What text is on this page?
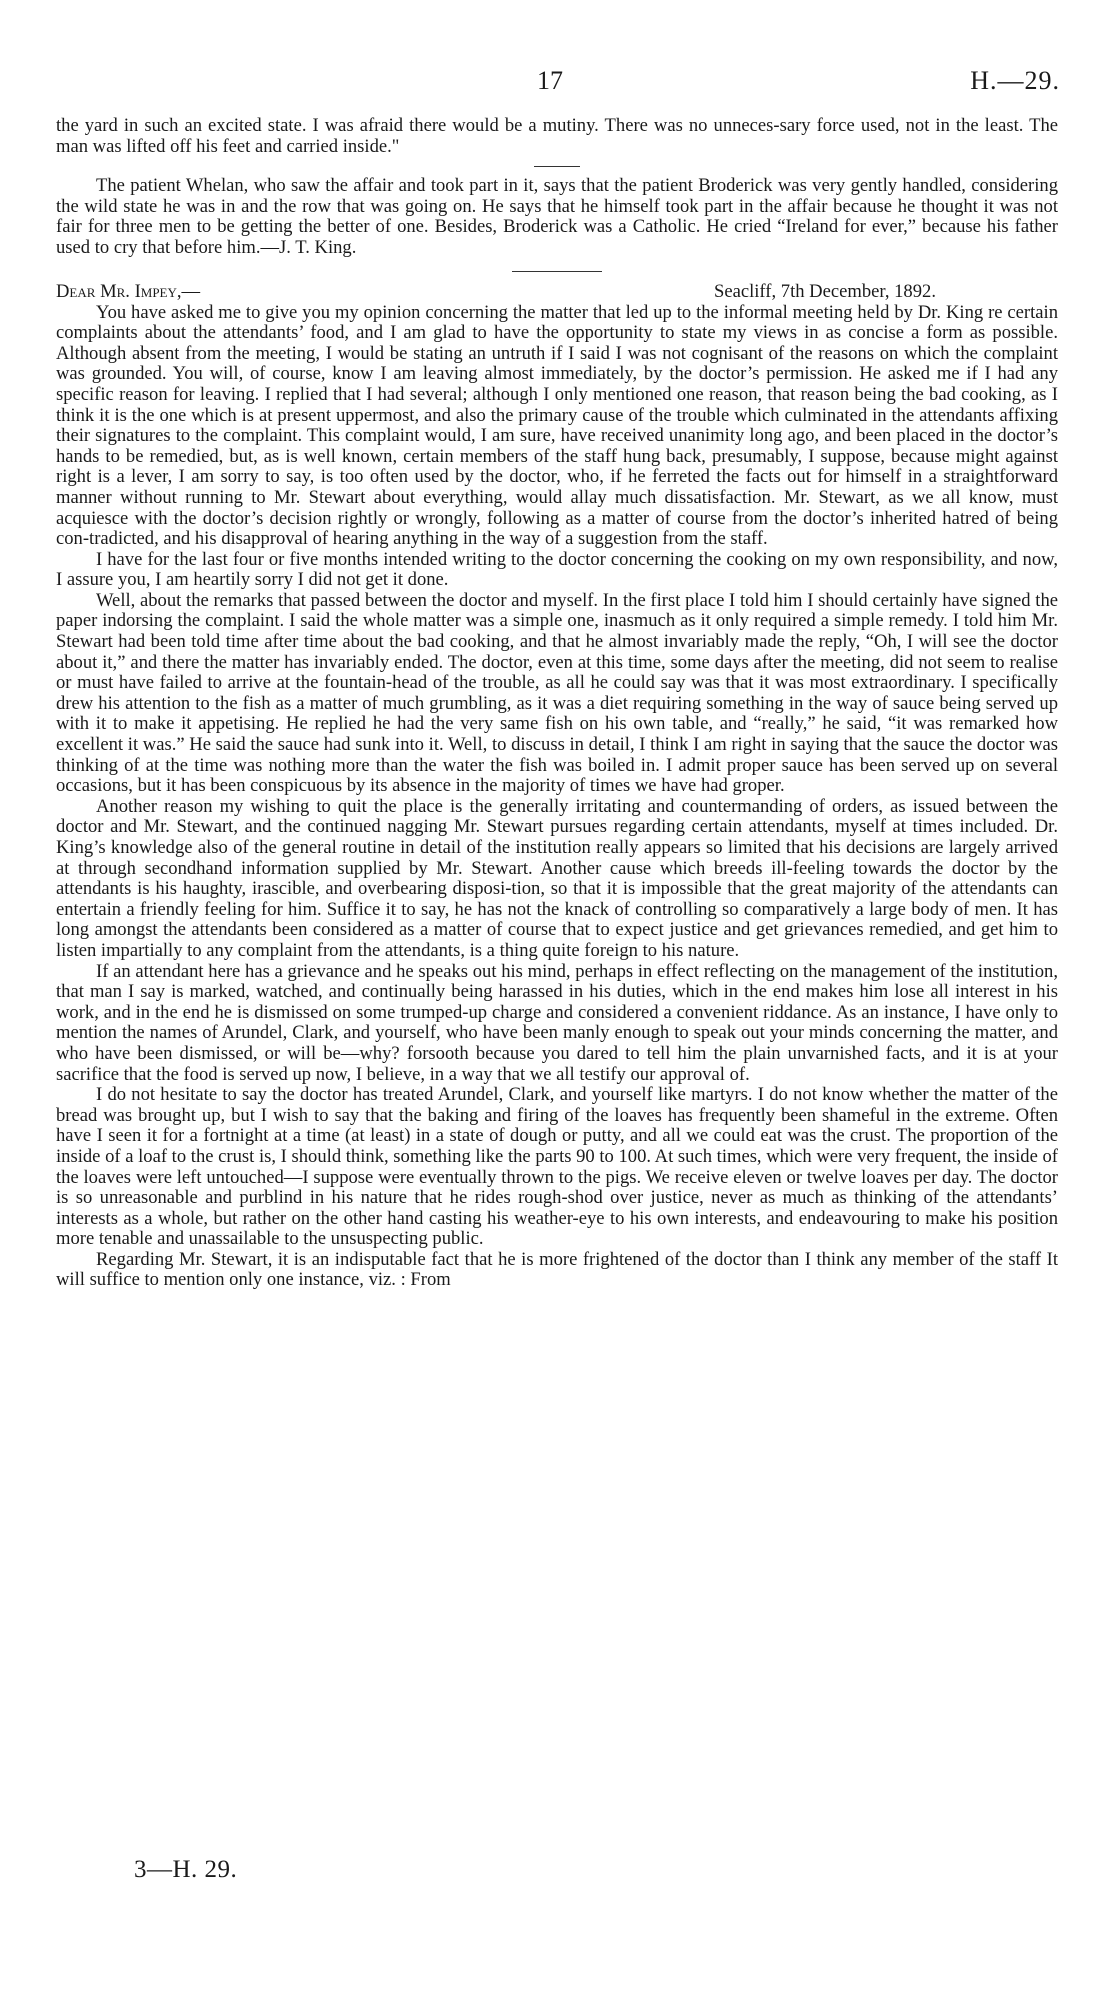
17	H.—29.

the yard in such an excited state. I was afraid there would be a mutiny. There was no unneces-sary force used, not in the least. The man was lifted off his feet and carried inside."

The patient Whelan, who saw the affair and took part in it, says that the patient Broderick was very gently handled, considering the wild state he was in and the row that was going on. He says that he himself took part in the affair because he thought it was not fair for three men to be getting the better of one. Besides, Broderick was a Catholic. He cried “Ireland for ever,” because his father used to cry that before him.—J. T. King.

Dear Mr. Impey,—	Seacliff, 7th December, 1892.

You have asked me to give you my opinion concerning the matter that led up to the informal meeting held by Dr. King re certain complaints about the attendants’ food, and I am glad to have the opportunity to state my views in as concise a form as possible. Although absent from the meeting, I would be stating an untruth if I said I was not cognisant of the reasons on which the complaint was grounded. You will, of course, know I am leaving almost immediately, by the doctor’s permission. He asked me if I had any specific reason for leaving. I replied that I had several; although I only mentioned one reason, that reason being the bad cooking, as I think it is the one which is at present uppermost, and also the primary cause of the trouble which culminated in the attendants affixing their signatures to the complaint. This complaint would, I am sure, have received unanimity long ago, and been placed in the doctor’s hands to be remedied, but, as is well known, certain members of the staff hung back, presumably, I suppose, because might against right is a lever, I am sorry to say, is too often used by the doctor, who, if he ferreted the facts out for himself in a straightforward manner without running to Mr. Stewart about everything, would allay much dissatisfaction. Mr. Stewart, as we all know, must acquiesce with the doctor’s decision rightly or wrongly, following as a matter of course from the doctor’s inherited hatred of being con-tradicted, and his disapproval of hearing anything in the way of a suggestion from the staff.

I have for the last four or five months intended writing to the doctor concerning the cooking on my own responsibility, and now, I assure you, I am heartily sorry I did not get it done.

Well, about the remarks that passed between the doctor and myself. In the first place I told him I should certainly have signed the paper indorsing the complaint. I said the whole matter was a simple one, inasmuch as it only required a simple remedy. I told him Mr. Stewart had been told time after time about the bad cooking, and that he almost invariably made the reply, “Oh, I will see the doctor about it,” and there the matter has invariably ended. The doctor, even at this time, some days after the meeting, did not seem to realise or must have failed to arrive at the fountain-head of the trouble, as all he could say was that it was most extraordinary. I specifically drew his attention to the fish as a matter of much grumbling, as it was a diet requiring something in the way of sauce being served up with it to make it appetising. He replied he had the very same fish on his own table, and “really,” he said, “it was remarked how excellent it was.” He said the sauce had sunk into it. Well, to discuss in detail, I think I am right in saying that the sauce the doctor was thinking of at the time was nothing more than the water the fish was boiled in. I admit proper sauce has been served up on several occasions, but it has been conspicuous by its absence in the majority of times we have had groper.

Another reason my wishing to quit the place is the generally irritating and countermanding of orders, as issued between the doctor and Mr. Stewart, and the continued nagging Mr. Stewart pursues regarding certain attendants, myself at times included. Dr. King’s knowledge also of the general routine in detail of the institution really appears so limited that his decisions are largely arrived at through secondhand information supplied by Mr. Stewart. Another cause which breeds ill-feeling towards the doctor by the attendants is his haughty, irascible, and overbearing disposi-tion, so that it is impossible that the great majority of the attendants can entertain a friendly feeling for him. Suffice it to say, he has not the knack of controlling so comparatively a large body of men. It has long amongst the attendants been considered as a matter of course that to expect justice and get grievances remedied, and get him to listen impartially to any complaint from the attendants, is a thing quite foreign to his nature.

If an attendant here has a grievance and he speaks out his mind, perhaps in effect reflecting on the management of the institution, that man I say is marked, watched, and continually being harassed in his duties, which in the end makes him lose all interest in his work, and in the end he is dismissed on some trumped-up charge and considered a convenient riddance. As an instance, I have only to mention the names of Arundel, Clark, and yourself, who have been manly enough to speak out your minds concerning the matter, and who have been dismissed, or will be—why? forsooth because you dared to tell him the plain unvarnished facts, and it is at your sacrifice that the food is served up now, I believe, in a way that we all testify our approval of.

I do not hesitate to say the doctor has treated Arundel, Clark, and yourself like martyrs. I do not know whether the matter of the bread was brought up, but I wish to say that the baking and firing of the loaves has frequently been shameful in the extreme. Often have I seen it for a fortnight at a time (at least) in a state of dough or putty, and all we could eat was the crust. The proportion of the inside of a loaf to the crust is, I should think, something like the parts 90 to 100. At such times, which were very frequent, the inside of the loaves were left untouched—I suppose were eventually thrown to the pigs. We receive eleven or twelve loaves per day. The doctor is so unreasonable and purblind in his nature that he rides rough-shod over justice, never as much as thinking of the attendants’ interests as a whole, but rather on the other hand casting his weather-eye to his own interests, and endeavouring to make his position more tenable and unassailable to the unsuspecting public.

Regarding Mr. Stewart, it is an indisputable fact that he is more frightened of the doctor than I think any member of the staff It will suffice to mention only one instance, viz. : From

3—H. 29.
